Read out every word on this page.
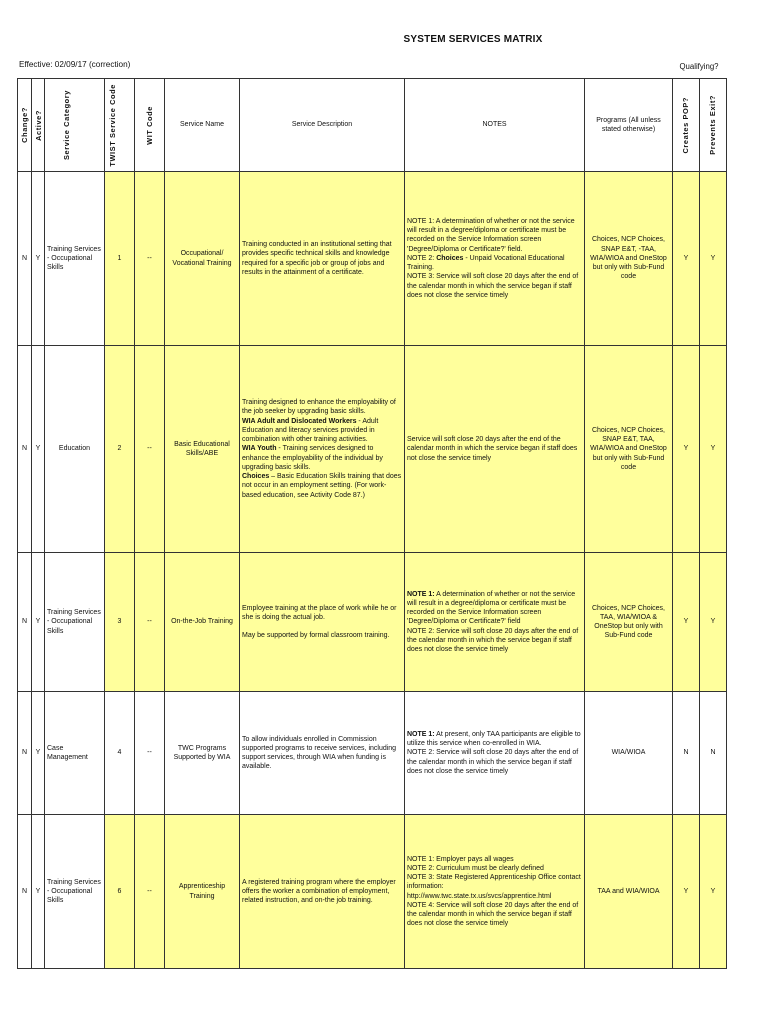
SYSTEM SERVICES MATRIX
Effective: 02/09/17 (correction)	Qualifying?
Change?	Active?	Service Category	TWIST Service Code	WIT Code	Service Name	Service Description	NOTES	Programs (All unless stated otherwise)	Creates POP?	Prevents Exit?

N	Y	Training Services - Occupational Skills	1	--	Occupational/ Vocational Training	Training conducted in an institutional setting that provides specific technical skills and knowledge required for a specific job or group of jobs and results in the attainment of a certificate.	NOTE 1: A determination of whether or not the service will result in a degree/diploma or certificate must be recorded on the Service Information screen 'Degree/Diploma or Certificate?' field.
NOTE 2: Choices - Unpaid Vocational Educational Training.
NOTE 3: Service will soft close 20 days after the end of the calendar month in which the service began if staff does not close the service timely	Choices, NCP Choices, SNAP E&T, -TAA, WIA/WIOA and OneStop but only with Sub-Fund code	Y	Y
N	Y	Education	2	--	Basic Educational Skills/ABE	Training designed to enhance the employability of the job seeker by upgrading basic skills.
WIA Adult and Dislocated Workers - Adult Education and literacy services provided in combination with other training activities.
WIA Youth - Training services designed to enhance the employability of the individual by upgrading basic skills.
Choices – Basic Education Skills training that does not occur in an employment setting. (For work-based education, see Activity Code 87.)	Service will soft close 20 days after the end of the calendar month in which the service began if staff does not close the service timely	Choices, NCP Choices, SNAP E&T, TAA, WIA/WIOA and OneStop but only with Sub-Fund code	Y	Y
N	Y	Training Services - Occupational Skills	3	--	On-the-Job Training	Employee training at the place of work while he or she is doing the actual job.
May be supported by formal classroom training.	NOTE 1: A determination of whether or not the service will result in a degree/diploma or certificate must be recorded on the Service Information screen 'Degree/Diploma or Certificate?' field
NOTE 2: Service will soft close 20 days after the end of the calendar month in which the service began if staff does not close the service timely	Choices, NCP Choices, TAA, WIA/WIOA & OneStop but only with Sub-Fund code	Y	Y
N	Y	Case Management	4	--	TWC Programs Supported by WIA	To allow individuals enrolled in Commission supported programs to receive services, including support services, through WIA when funding is available.	NOTE 1: At present, only TAA participants are eligible to utilize this service when co-enrolled in WIA.
NOTE 2: Service will soft close 20 days after the end of the calendar month in which the service began if staff does not close the service timely	WIA/WIOA	N	N
N	Y	Training Services - Occupational Skills	6	--	Apprenticeship Training	A registered training program where the employer offers the worker a combination of employment, related instruction, and on-the job training.	NOTE 1: Employer pays all wages
NOTE 2: Curriculum must be clearly defined
NOTE 3: State Registered Apprenticeship Office contact information: http://www.twc.state.tx.us/svcs/apprentice.html
NOTE 4: Service will soft close 20 days after the end of the calendar month in which the service began if staff does not close the service timely	TAA and WIA/WIOA	Y	Y
